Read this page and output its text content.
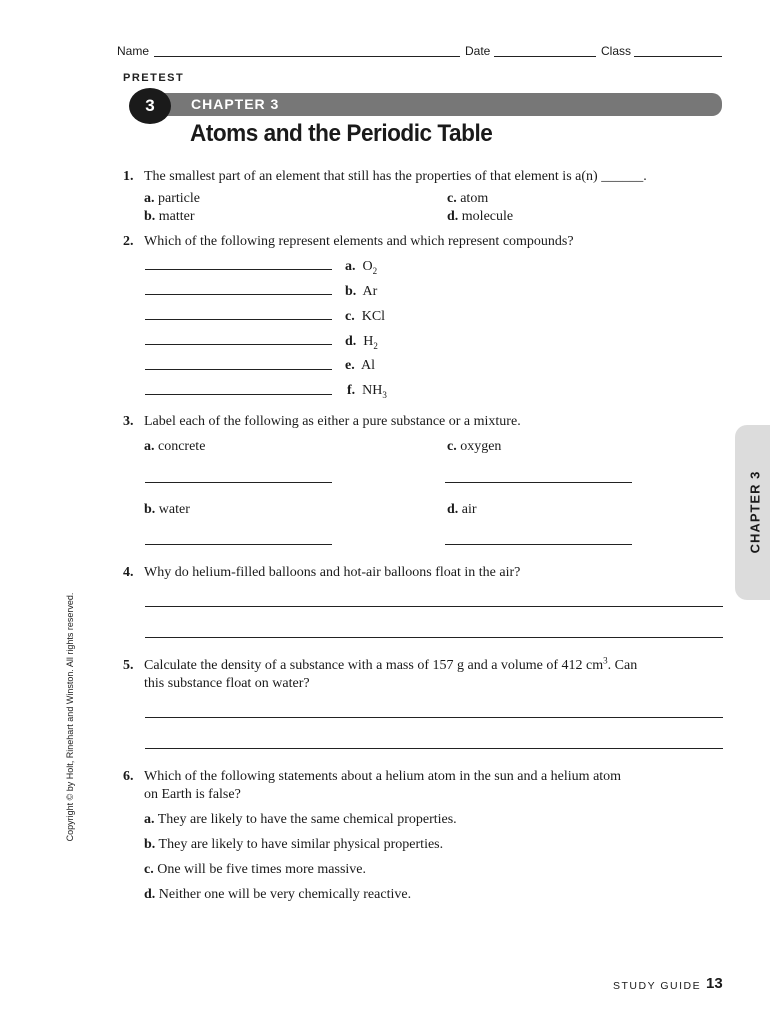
Name	Date	Class
PRETEST
3	CHAPTER 3
Atoms and the Periodic Table
1. The smallest part of an element that still has the properties of that element is a(n) ______.
a. particle
b. matter
c. atom
d. molecule
2. Which of the following represent elements and which represent compounds?
a. $O_2$
b. Ar
c. KCl
d. $H_2$
e. Al
f. $NH_3$
3. Label each of the following as either a pure substance or a mixture.
a. concrete	c. oxygen
b. water	d. air
4. Why do helium-filled balloons and hot-air balloons float in the air?
5. Calculate the density of a substance with a mass of 157 g and a volume of 412 $cm^3$. Can
this substance float on water?
6. Which of the following statements about a helium atom in the sun and a helium atom
on Earth is false?
a. They are likely to have the same chemical properties.
b. They are likely to have similar physical properties.
c. One will be five times more massive.
d. Neither one will be very chemically reactive.
CHAPTER 3
Copyright © by Holt, Rinehart and Winston. All rights reserved.
STUDY GUIDE 13
